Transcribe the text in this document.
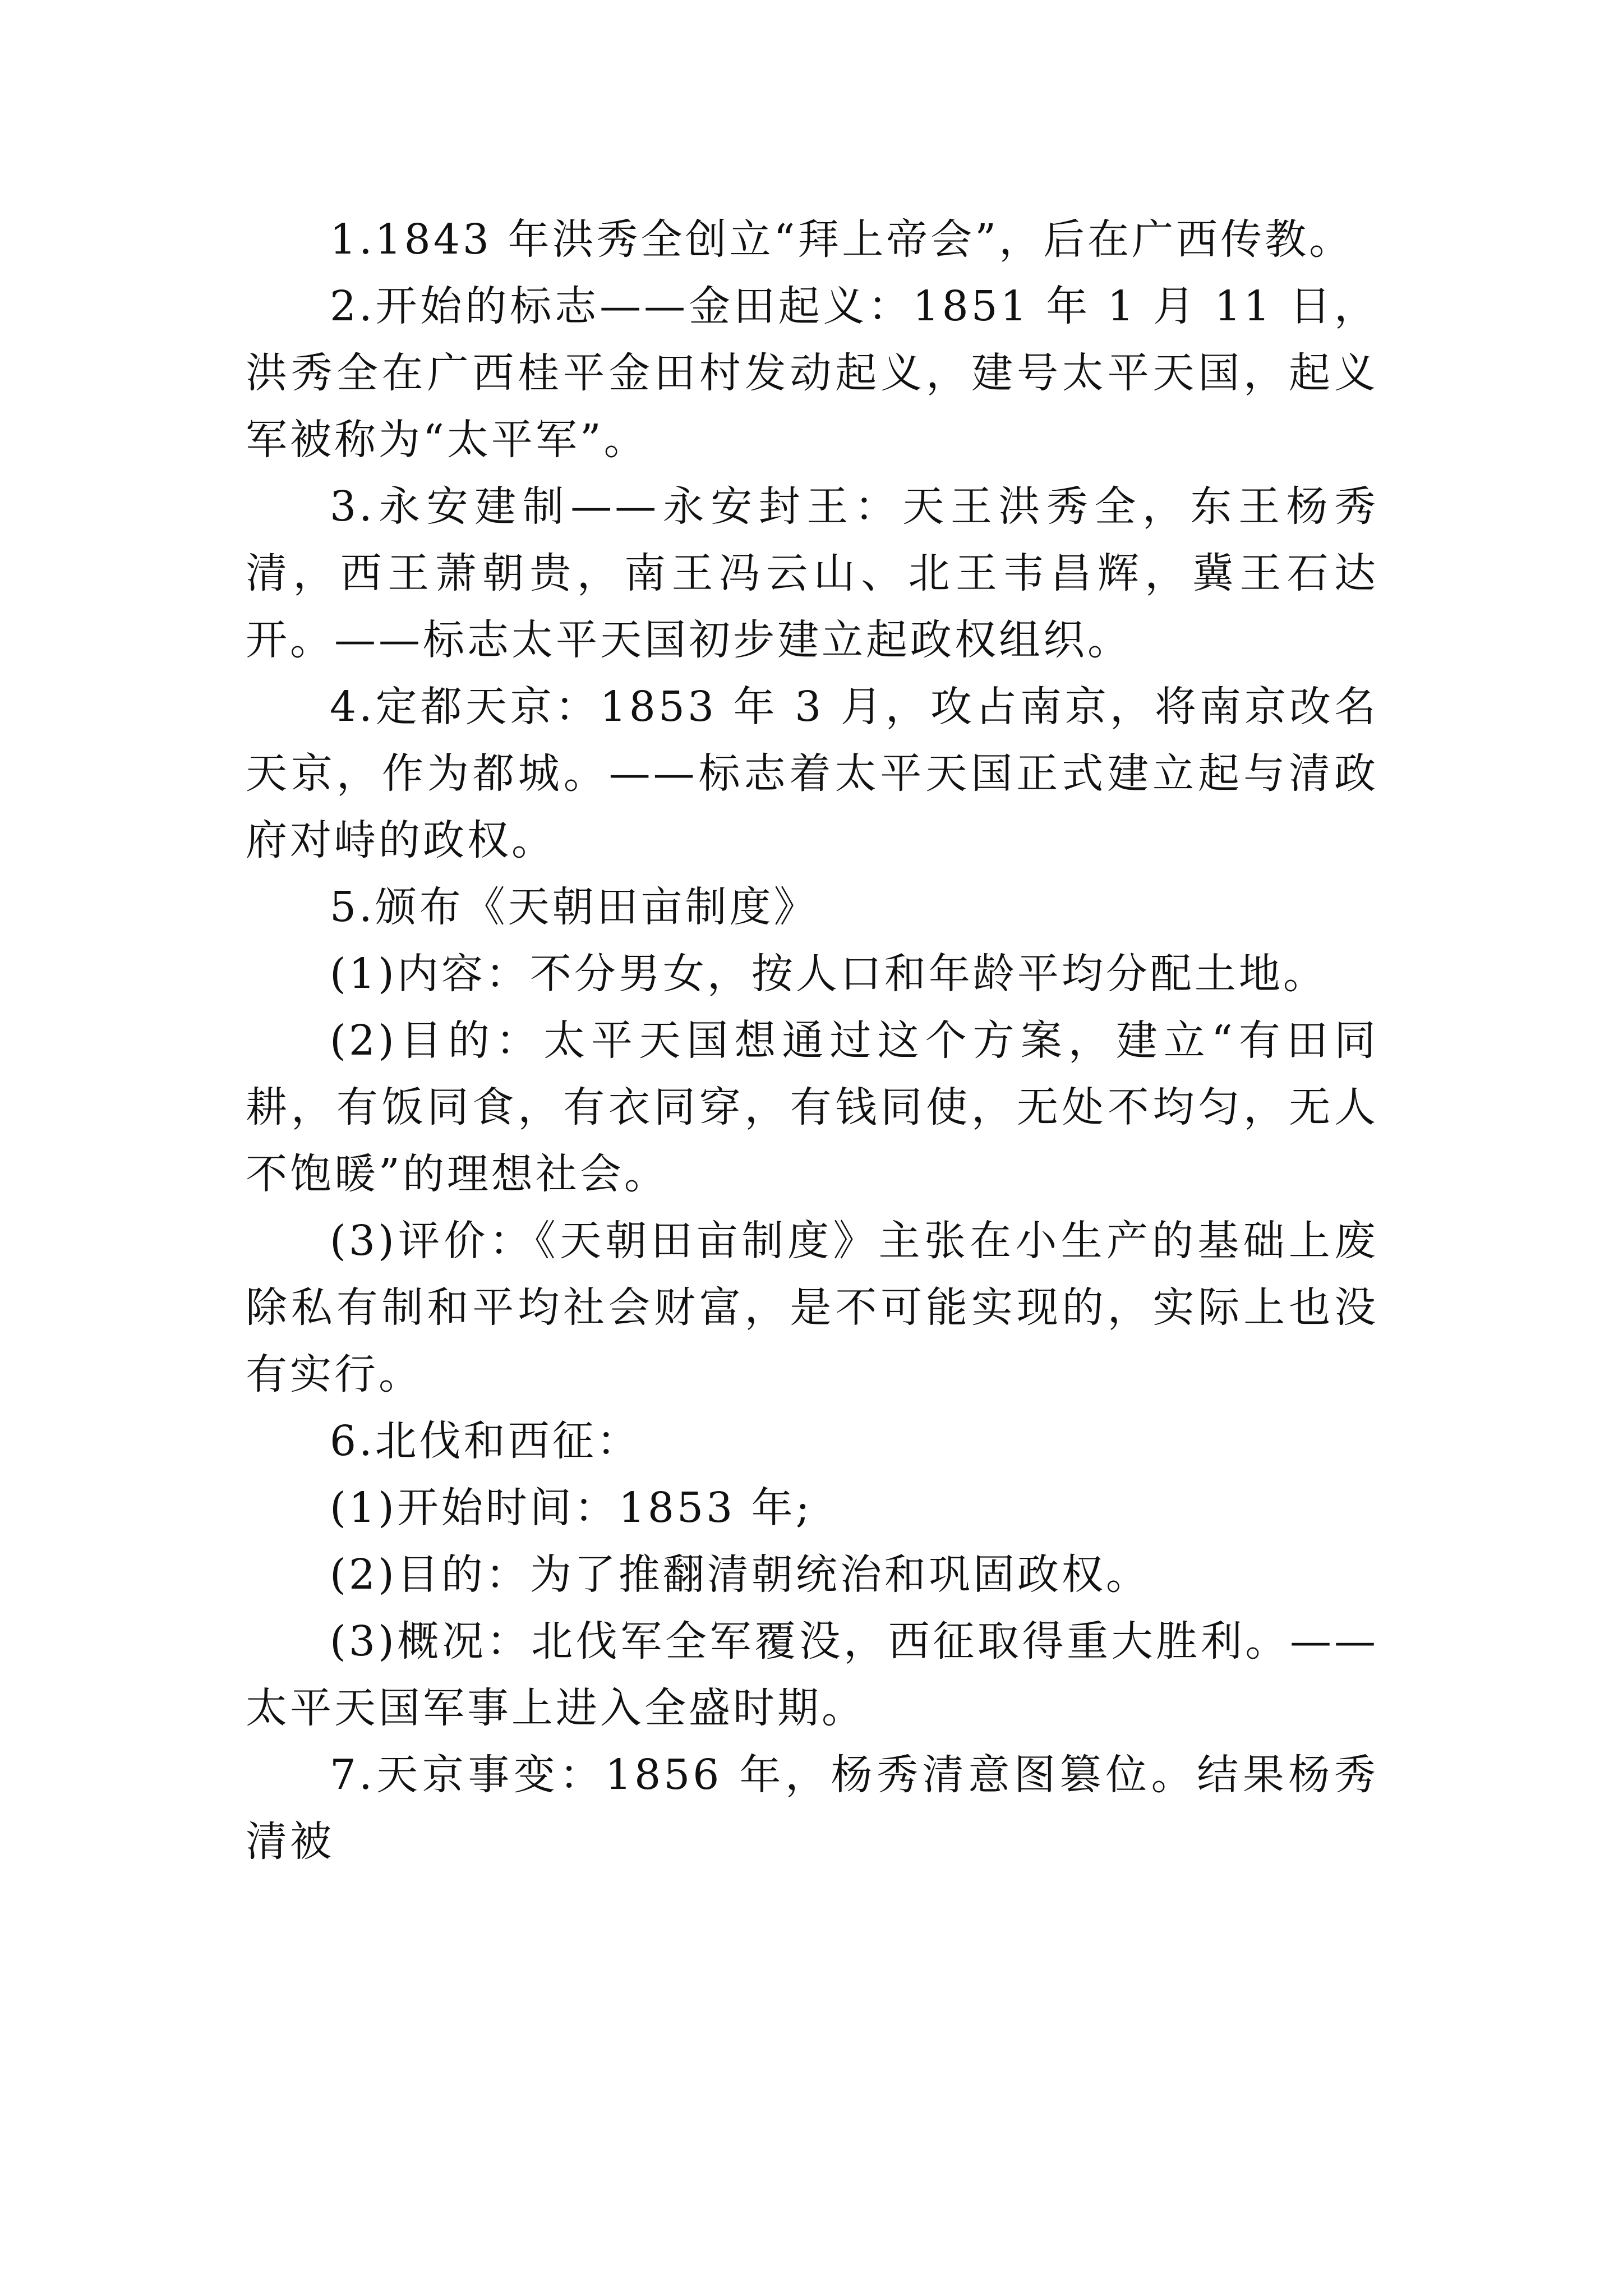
1.1843 年洪秀全创立“拜上帝会”，后在广西传教。

2.开始的标志——金田起义：1851 年 1 月 11 日，洪秀全在广西桂平金田村发动起义，建号太平天国，起义军被称为“太平军”。

3.永安建制——永安封王：天王洪秀全，东王杨秀清，西王萧朝贵，南王冯云山、北王韦昌辉，冀王石达开。——标志太平天国初步建立起政权组织。

4.定都天京：1853 年 3 月，攻占南京，将南京改名天京，作为都城。——标志着太平天国正式建立起与清政府对峙的政权。

5.颁布《天朝田亩制度》

(1)内容：不分男女，按人口和年龄平均分配土地。

(2)目的：太平天国想通过这个方案，建立“有田同耕，有饭同食，有衣同穿，有钱同使，无处不均匀，无人不饱暖”的理想社会。

(3)评价：《天朝田亩制度》主张在小生产的基础上废除私有制和平均社会财富，是不可能实现的，实际上也没有实行。

6.北伐和西征：

(1)开始时间：1853 年;

(2)目的：为了推翻清朝统治和巩固政权。

(3)概况：北伐军全军覆没，西征取得重大胜利。——太平天国军事上进入全盛时期。

7.天京事变：1856 年，杨秀清意图篡位。结果杨秀清被
